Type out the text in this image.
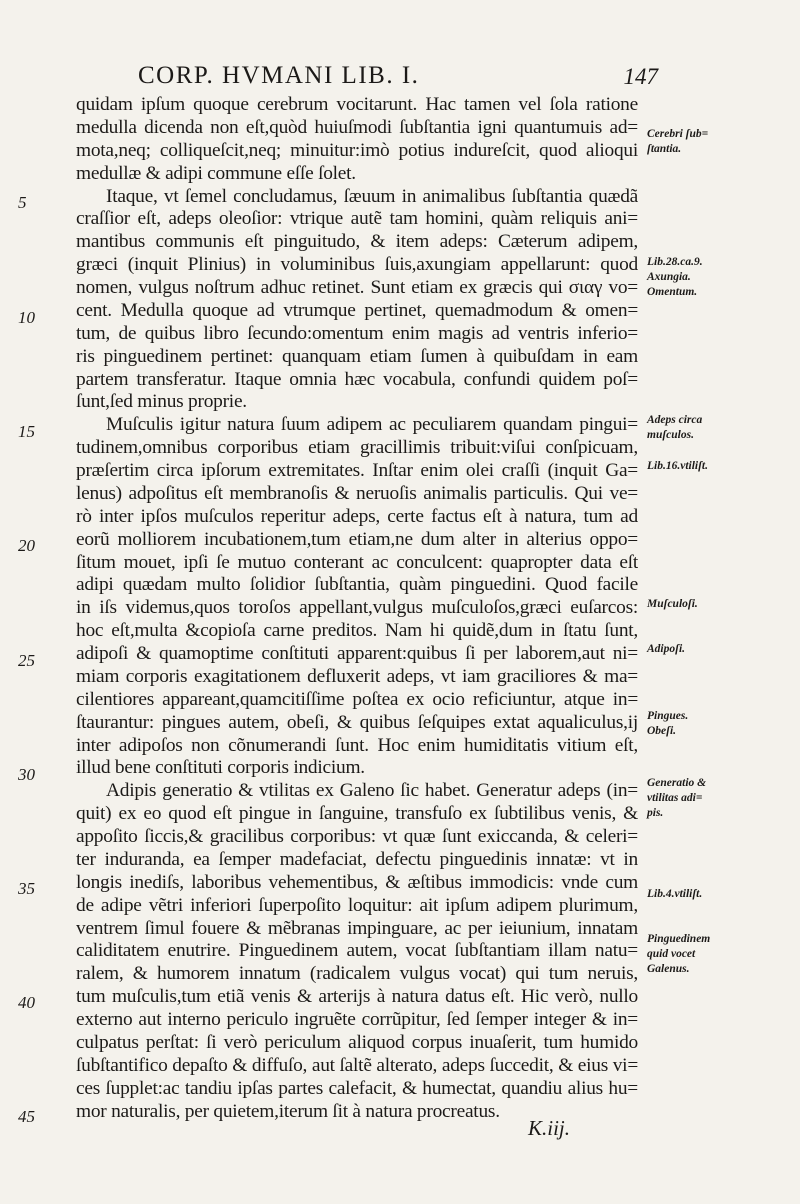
CORP. HVMANI LIB. I.	147
quidam ipſum quoque cerebrum vocitarunt. Hac tamen vel ſola ratione
medulla dicenda non eſt,quòd huiuſmodi ſubſtantia igni quantumuis ad=
mota,neq; colliqueſcit,neq; minuitur:imò potius indureſcit, quod alioqui
medullæ & adipi commune eſſe ſolet.
Itaque, vt ſemel concludamus, ſæuum in animalibus ſubſtantia quædã
craſſior eſt, adeps oleoſior: vtrique autẽ tam homini, quàm reliquis ani=
mantibus communis eſt pinguitudo, & item adeps: Cæterum adipem,
græci (inquit Plinius) in voluminibus ſuis,axungiam appellarunt: quod
nomen, vulgus noſtrum adhuc retinet. Sunt etiam ex græcis qui σιαγ vo=
cent. Medulla quoque ad vtrumque pertinet, quemadmodum & omen=
tum, de quibus libro ſecundo:omentum enim magis ad ventris inferio=
ris pinguedinem pertinet: quanquam etiam ſumen à quibuſdam in eam
partem transferatur. Itaque omnia hæc vocabula, confundi quidem poſ=
ſunt,ſed minus proprie.
Muſculis igitur natura ſuum adipem ac peculiarem quandam pingui=
tudinem,omnibus corporibus etiam gracillimis tribuit:viſui conſpicuam,
præſertim circa ipſorum extremitates. Inſtar enim olei craſſi (inquit Ga=
lenus) adpoſitus eſt membranoſis & neruoſis animalis particulis. Qui ve=
rò inter ipſos muſculos reperitur adeps, certe factus eſt à natura, tum ad
eorũ molliorem incubationem,tum etiam,ne dum alter in alterius oppo=
ſitum mouet, ipſi ſe mutuo conterant ac conculcent: quapropter data eſt
adipi quædam multo ſolidior ſubſtantia, quàm pinguedini. Quod facile
in iſs videmus,quos toroſos appellant,vulgus muſculoſos,græci euſarcos:
hoc eſt,multa &copioſa carne preditos. Nam hi quidẽ,dum in ſtatu ſunt,
adipoſi & quamoptime conſtituti apparent:quibus ſi per laborem,aut ni=
miam corporis exagitationem defluxerit adeps, vt iam graciliores & ma=
cilentiores appareant,quamcitiſſime poſtea ex ocio reficiuntur, atque in=
ſtaurantur: pingues autem, obeſi, & quibus ſeſquipes extat aqualiculus,ij
inter adipoſos non cõnumerandi ſunt. Hoc enim humiditatis vitium eſt,
illud bene conſtituti corporis indicium.
Adipis generatio & vtilitas ex Galeno ſic habet. Generatur adeps (in=
quit) ex eo quod eſt pingue in ſanguine, transfuſo ex ſubtilibus venis, &
appoſito ſiccis,& gracilibus corporibus: vt quæ ſunt exiccanda, & celeri=
ter induranda, ea ſemper madefaciat, defectu pinguedinis innatæ: vt in
longis inediſs, laboribus vehementibus, & æſtibus immodicis: vnde cum
de adipe vẽtri inferiori ſuperpoſito loquitur: ait ipſum adipem plurimum,
ventrem ſimul fouere & mẽbranas impinguare, ac per ieiunium, innatam
caliditatem enutrire. Pinguedinem autem, vocat ſubſtantiam illam natu=
ralem, & humorem innatum (radicalem vulgus vocat) qui tum neruis,
tum muſculis,tum etiã venis & arterijs à natura datus eſt. Hic verò, nullo
externo aut interno periculo ingruẽte corrũpitur, ſed ſemper integer & in=
culpatus perſtat: ſi verò periculum aliquod corpus inuaſerit, tum humido
ſubſtantifico depaſto & diffuſo, aut ſaltẽ alterato, adeps ſuccedit, & eius vi=
ces ſupplet:ac tandiu ipſas partes calefacit, & humectat, quandiu alius hu=
mor naturalis, per quietem,iterum ſit à natura procreatus.
5
10
15
20
25
30
35
40
45
Cerebri ſub=
ſtantia.
Lib.28.ca.9.
Axungia.
Omentum.
Adeps circa
muſculos.
Lib.16.vtiliſt.
Muſculoſi.
Adipoſi.
Pingues.
Obeſi.
Generatio &
vtilitas adi=
pis.
Lib.4.vtiliſt.
Pinguedinem
quid vocet
Galenus.
K.iij.
